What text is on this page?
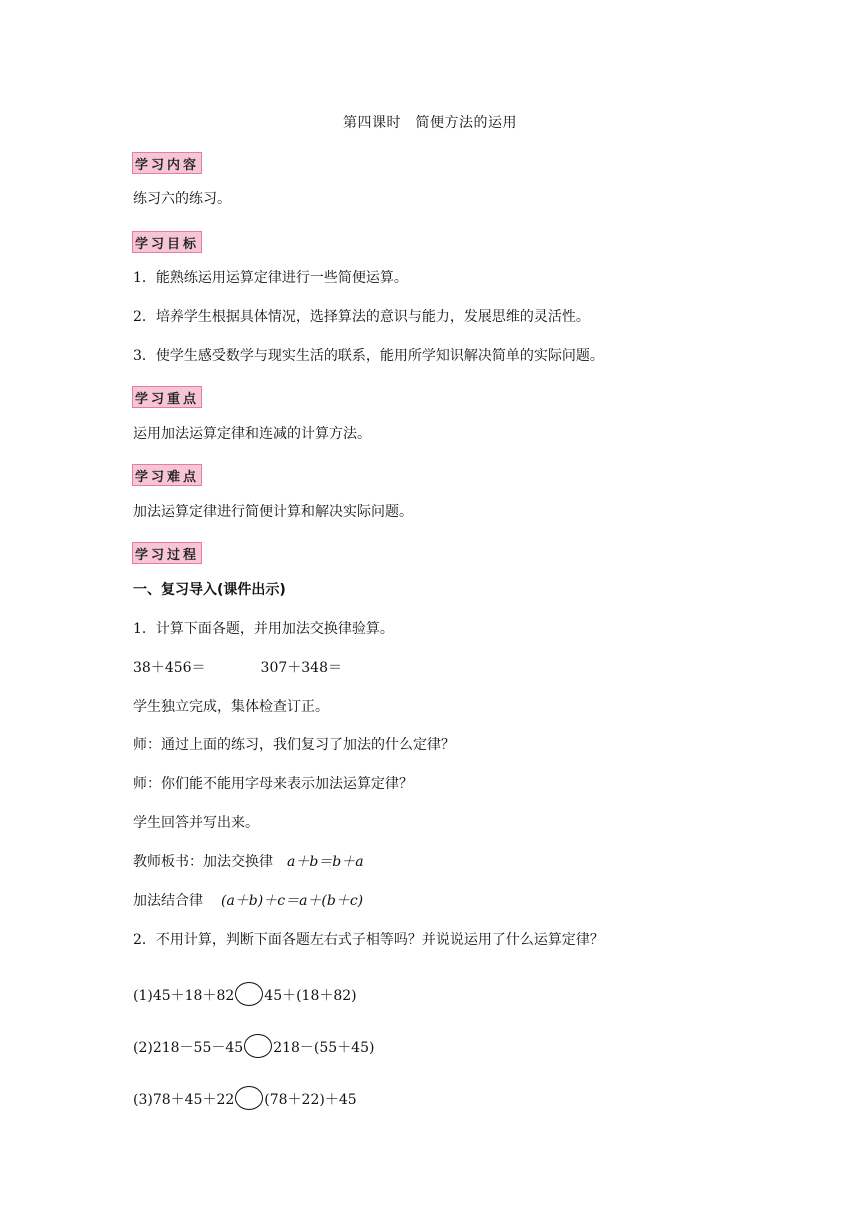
第四课时　简便方法的运用
学习内容
练习六的练习。
学习目标
1．能熟练运用运算定律进行一些简便运算。
2．培养学生根据具体情况，选择算法的意识与能力，发展思维的灵活性。
3．使学生感受数学与现实生活的联系，能用所学知识解决简单的实际问题。
学习重点
运用加法运算定律和连减的计算方法。
学习难点
加法运算定律进行简便计算和解决实际问题。
学习过程
一、复习导入(课件出示)
1．计算下面各题，并用加法交换律验算。
38＋456＝	307＋348＝
学生独立完成，集体检查订正。
师：通过上面的练习，我们复习了加法的什么定律？
师：你们能不能用字母来表示加法运算定律？
学生回答并写出来。
教师板书：加法交换律 a＋b＝b＋a
加法结合律 (a＋b)＋c＝a＋(b＋c)
2．不用计算，判断下面各题左右式子相等吗？并说说运用了什么运算定律？
(1)45＋18＋82 45＋(18＋82)
(2)218－55－45 218－(55＋45)
(3)78＋45＋22 (78＋22)＋45
